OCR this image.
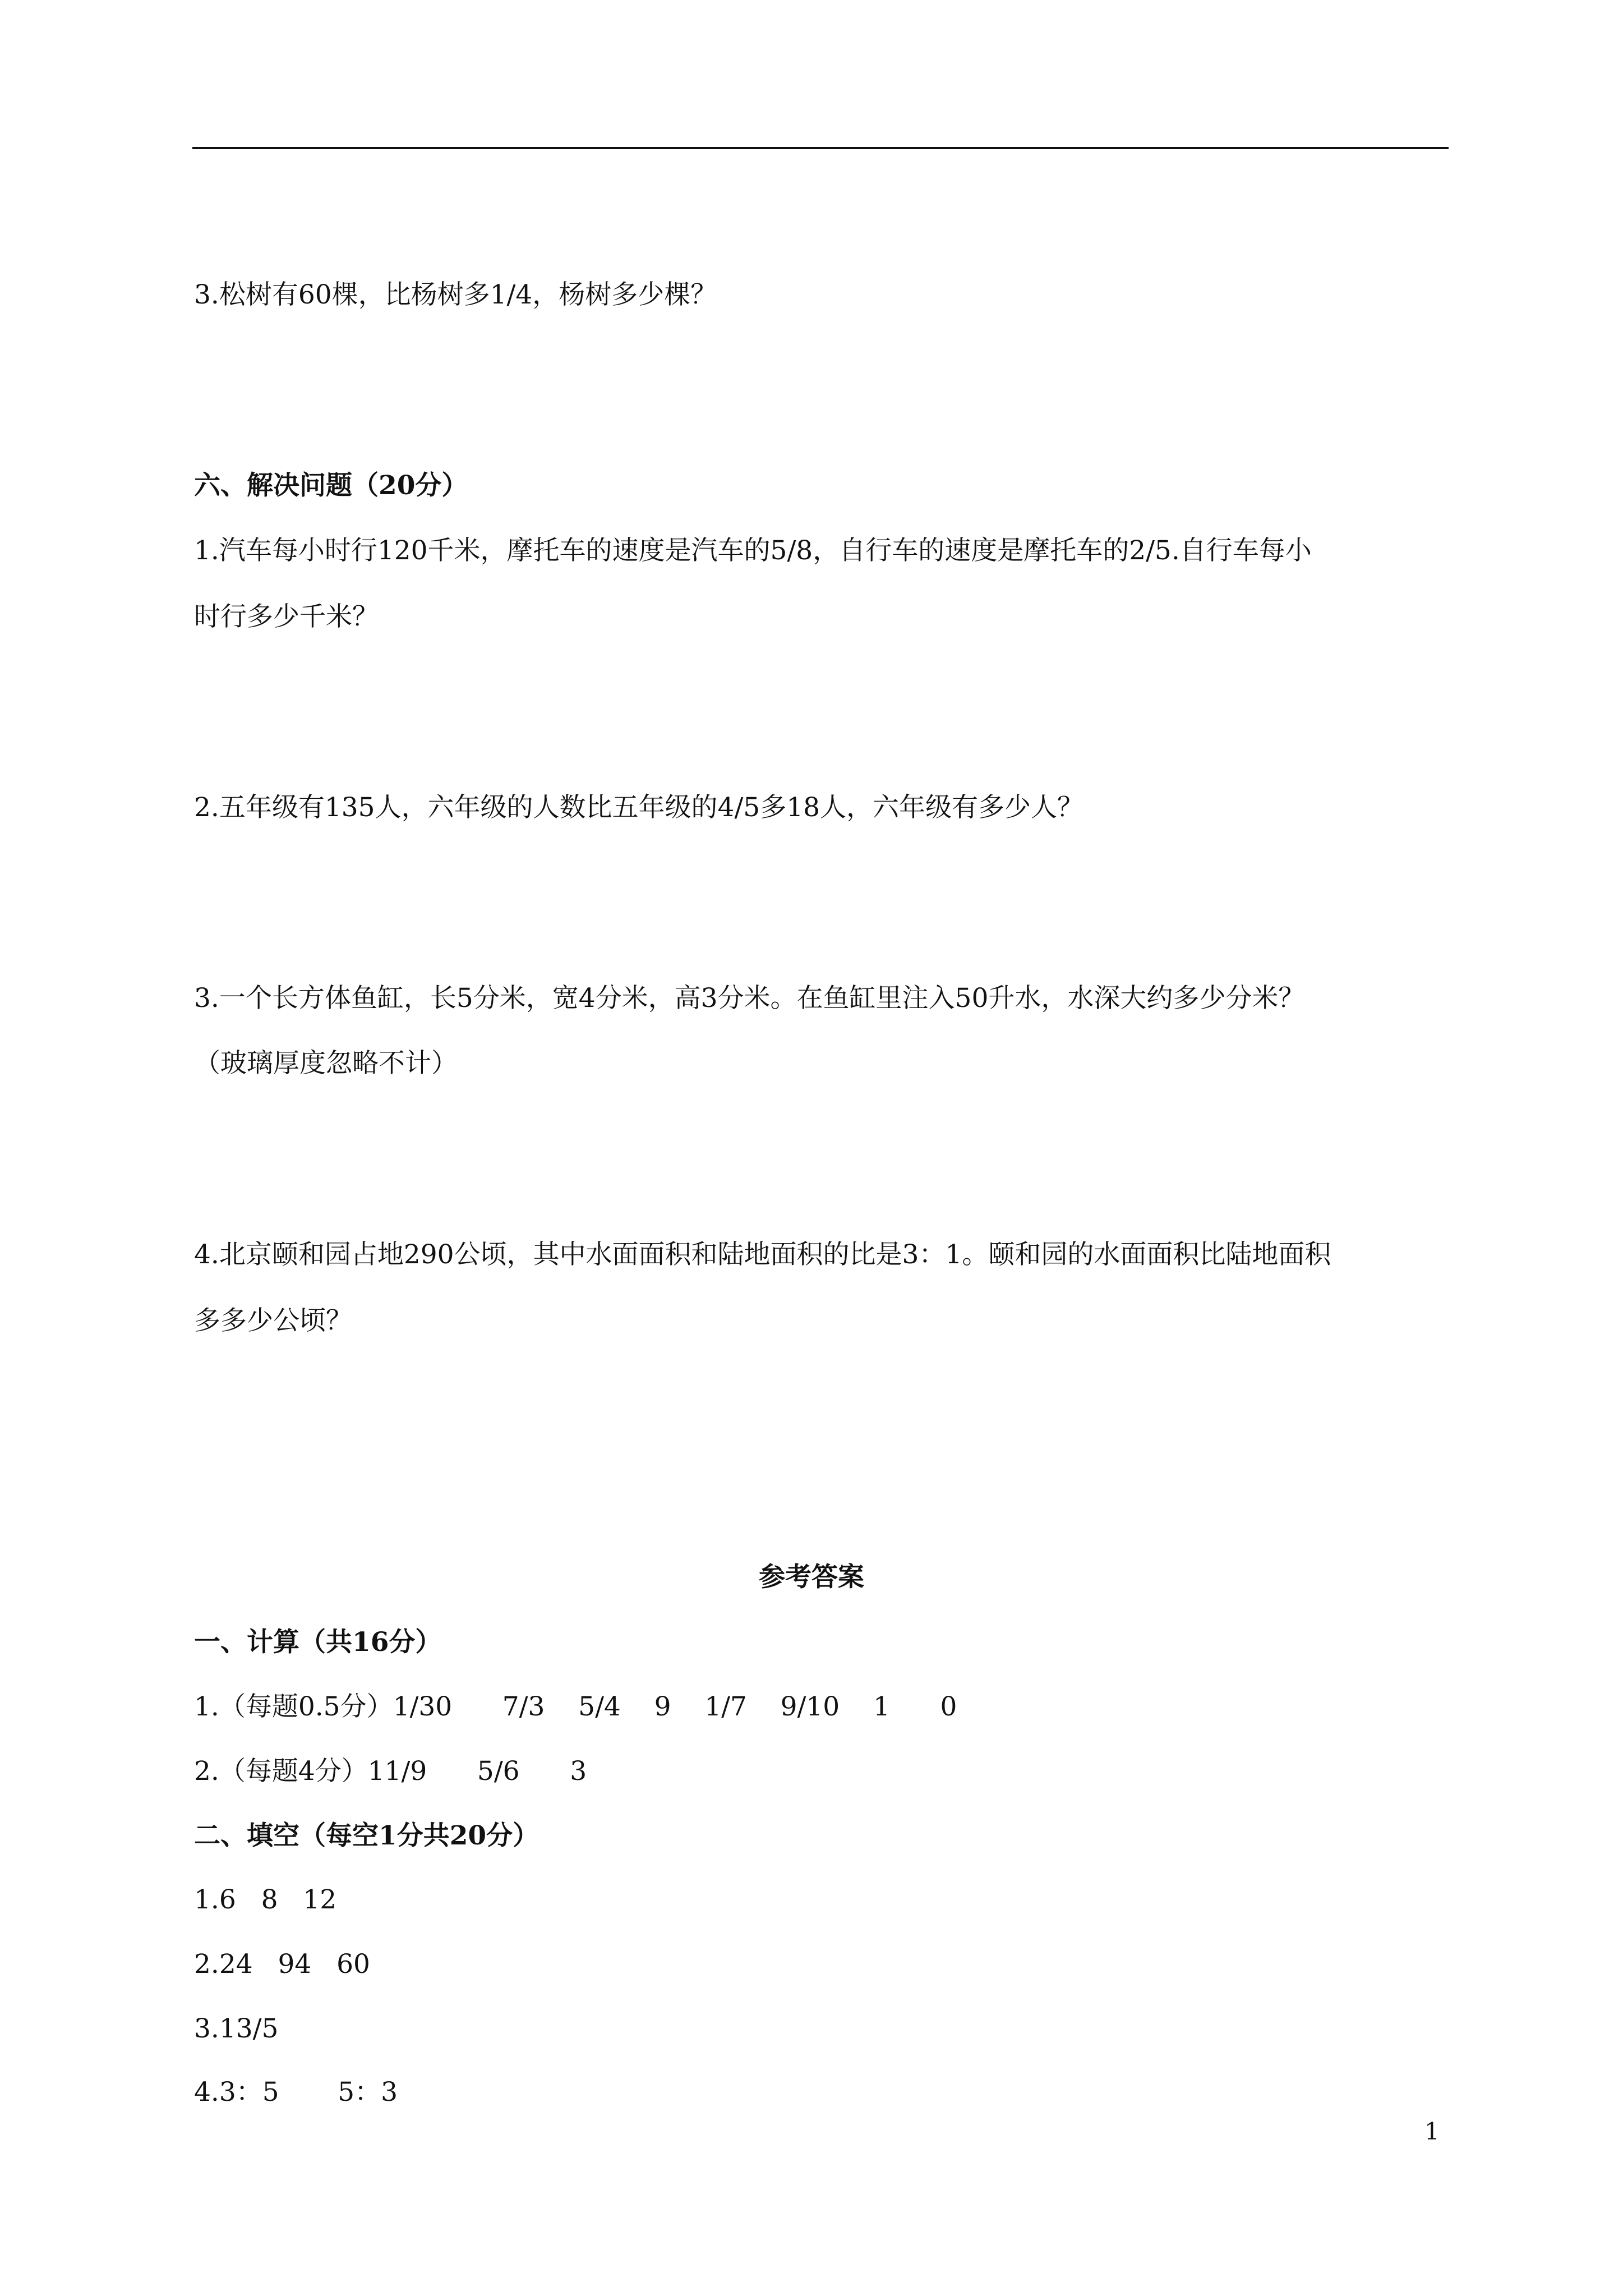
3.松树有60棵，比杨树多1/4，杨树多少棵？
六、解决问题（20分）
1.汽车每小时行120千米，摩托车的速度是汽车的5/8，自行车的速度是摩托车的2/5.自行车每小
时行多少千米？
2.五年级有135人，六年级的人数比五年级的4/5多18人，六年级有多少人？
3.一个长方体鱼缸，长5分米，宽4分米，高3分米。在鱼缸里注入50升水，水深大约多少分米？
（玻璃厚度忽略不计）
4.北京颐和园占地290公顷，其中水面面积和陆地面积的比是3：1。颐和园的水面面积比陆地面积
多多少公顷？
参考答案
一、计算（共16分）
1.（每题0.5分）1/30      7/3    5/4    9    1/7    9/10    1      0
2.（每题4分）11/9      5/6      3
二、填空（每空1分共20分）
1.6   8   12
2.24   94   60
3.13/5
4.3：5       5：3
1
